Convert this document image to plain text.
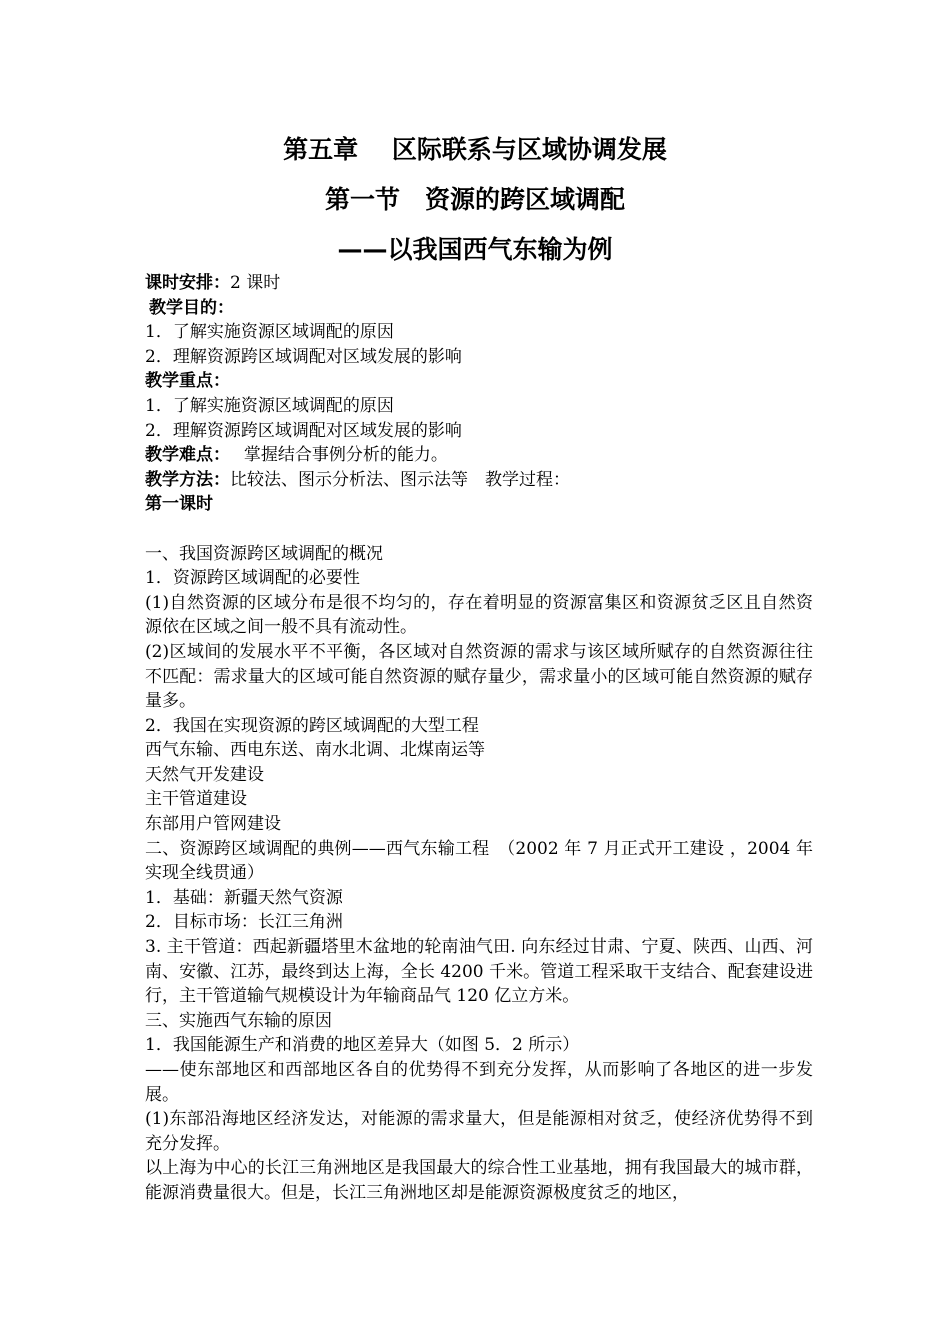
第五章　 区际联系与区域协调发展
第一节　资源的跨区域调配
——以我国西气东输为例

课时安排：2 课时

教学目的：

1．了解实施资源区域调配的原因

2．理解资源跨区域调配对区域发展的影响

教学重点：

1．了解实施资源区域调配的原因

2．理解资源跨区域调配对区域发展的影响

教学难点：　 掌握结合事例分析的能力。

教学方法：比较法、图示分析法、图示法等　教学过程：

第一课时

一、我国资源跨区域调配的概况

1．资源跨区域调配的必要性

(1)自然资源的区域分布是很不均匀的，存在着明显的资源富集区和资源贫乏区且自然资源依在区域之间一般不具有流动性。

(2)区域间的发展水平不平衡，各区域对自然资源的需求与该区域所赋存的自然资源往往不匹配：需求量大的区域可能自然资源的赋存量少，需求量小的区域可能自然资源的赋存量多。

2．我国在实现资源的跨区域调配的大型工程

西气东输、西电东送、南水北调、北煤南运等

天然气开发建设

主干管道建设

东部用户管网建设

二、资源跨区域调配的典例——西气东输工程　（2002 年 7 月正式开工建设 ，2004 年实现全线贯通）

1．基础：新疆天然气资源

2．目标市场：长江三角洲

3. 主干管道：西起新疆塔里木盆地的轮南油气田. 向东经过甘肃、宁夏、陕西、山西、河南、安徽、江苏，最终到达上海，全长 4200 千米。管道工程采取干支结合、配套建设进行，主干管道输气规模设计为年输商品气 120 亿立方米。

三、实施西气东输的原因

1．我国能源生产和消费的地区差异大（如图 5．2 所示）

——使东部地区和西部地区各自的优势得不到充分发挥，从而影响了各地区的进一步发展。

(1)东部沿海地区经济发达，对能源的需求量大，但是能源相对贫乏，使经济优势得不到充分发挥。

以上海为中心的长江三角洲地区是我国最大的综合性工业基地，拥有我国最大的城市群，能源消费量很大。但是，长江三角洲地区却是能源资源极度贫乏的地区，
